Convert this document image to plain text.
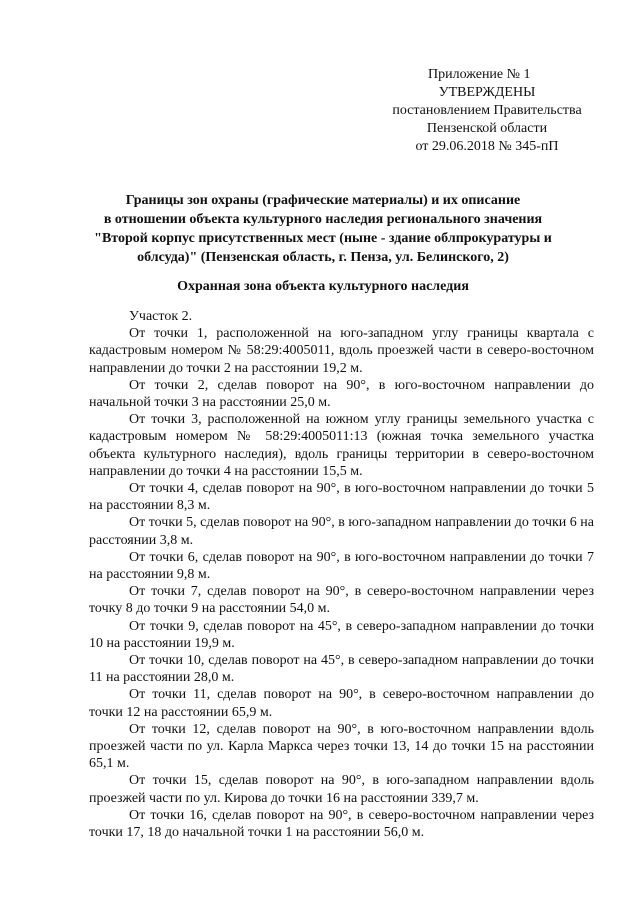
Приложение № 1
УТВЕРЖДЕНЫ
постановлением Правительства
Пензенской области
от 29.06.2018 № 345-пП
Границы зон охраны (графические материалы) и их описание
в отношении объекта культурного наследия регионального значения
"Второй корпус присутственных мест (ныне - здание облпрокуратуры и
облсуда)" (Пензенская область, г. Пенза, ул. Белинского, 2)
Охранная зона объекта культурного наследия
Участок 2.

От точки 1, расположенной на юго-западном углу границы квартала с кадастровым номером № 58:29:4005011, вдоль проезжей части в северо-восточном направлении до точки 2 на расстоянии 19,2 м.

От точки 2, сделав поворот на 90°, в юго-восточном направлении до начальной точки 3 на расстоянии 25,0 м.

От точки 3, расположенной на южном углу границы земельного участка с кадастровым номером № 58:29:4005011:13 (южная точка земельного участка объекта культурного наследия), вдоль границы территории в северо-восточном направлении до точки 4 на расстоянии 15,5 м.

От точки 4, сделав поворот на 90°, в юго-восточном направлении до точки 5 на расстоянии 8,3 м.

От точки 5, сделав поворот на 90°, в юго-западном направлении до точки 6 на расстоянии 3,8 м.

От точки 6, сделав поворот на 90°, в юго-восточном направлении до точки 7 на расстоянии 9,8 м.

От точки 7, сделав поворот на 90°, в северо-восточном направлении через точку 8 до точки 9 на расстоянии 54,0 м.

От точки 9, сделав поворот на 45°, в северо-западном направлении до точки 10 на расстоянии 19,9 м.

От точки 10, сделав поворот на 45°, в северо-западном направлении до точки 11 на расстоянии 28,0 м.

От точки 11, сделав поворот на 90°, в северо-восточном направлении до точки 12 на расстоянии 65,9 м.

От точки 12, сделав поворот на 90°, в юго-восточном направлении вдоль проезжей части по ул. Карла Маркса через точки 13, 14 до точки 15 на расстоянии 65,1 м.

От точки 15, сделав поворот на 90°, в юго-западном направлении вдоль проезжей части по ул. Кирова до точки 16 на расстоянии 339,7 м.

От точки 16, сделав поворот на 90°, в северо-восточном направлении через точки 17, 18 до начальной точки 1 на расстоянии 56,0 м.
